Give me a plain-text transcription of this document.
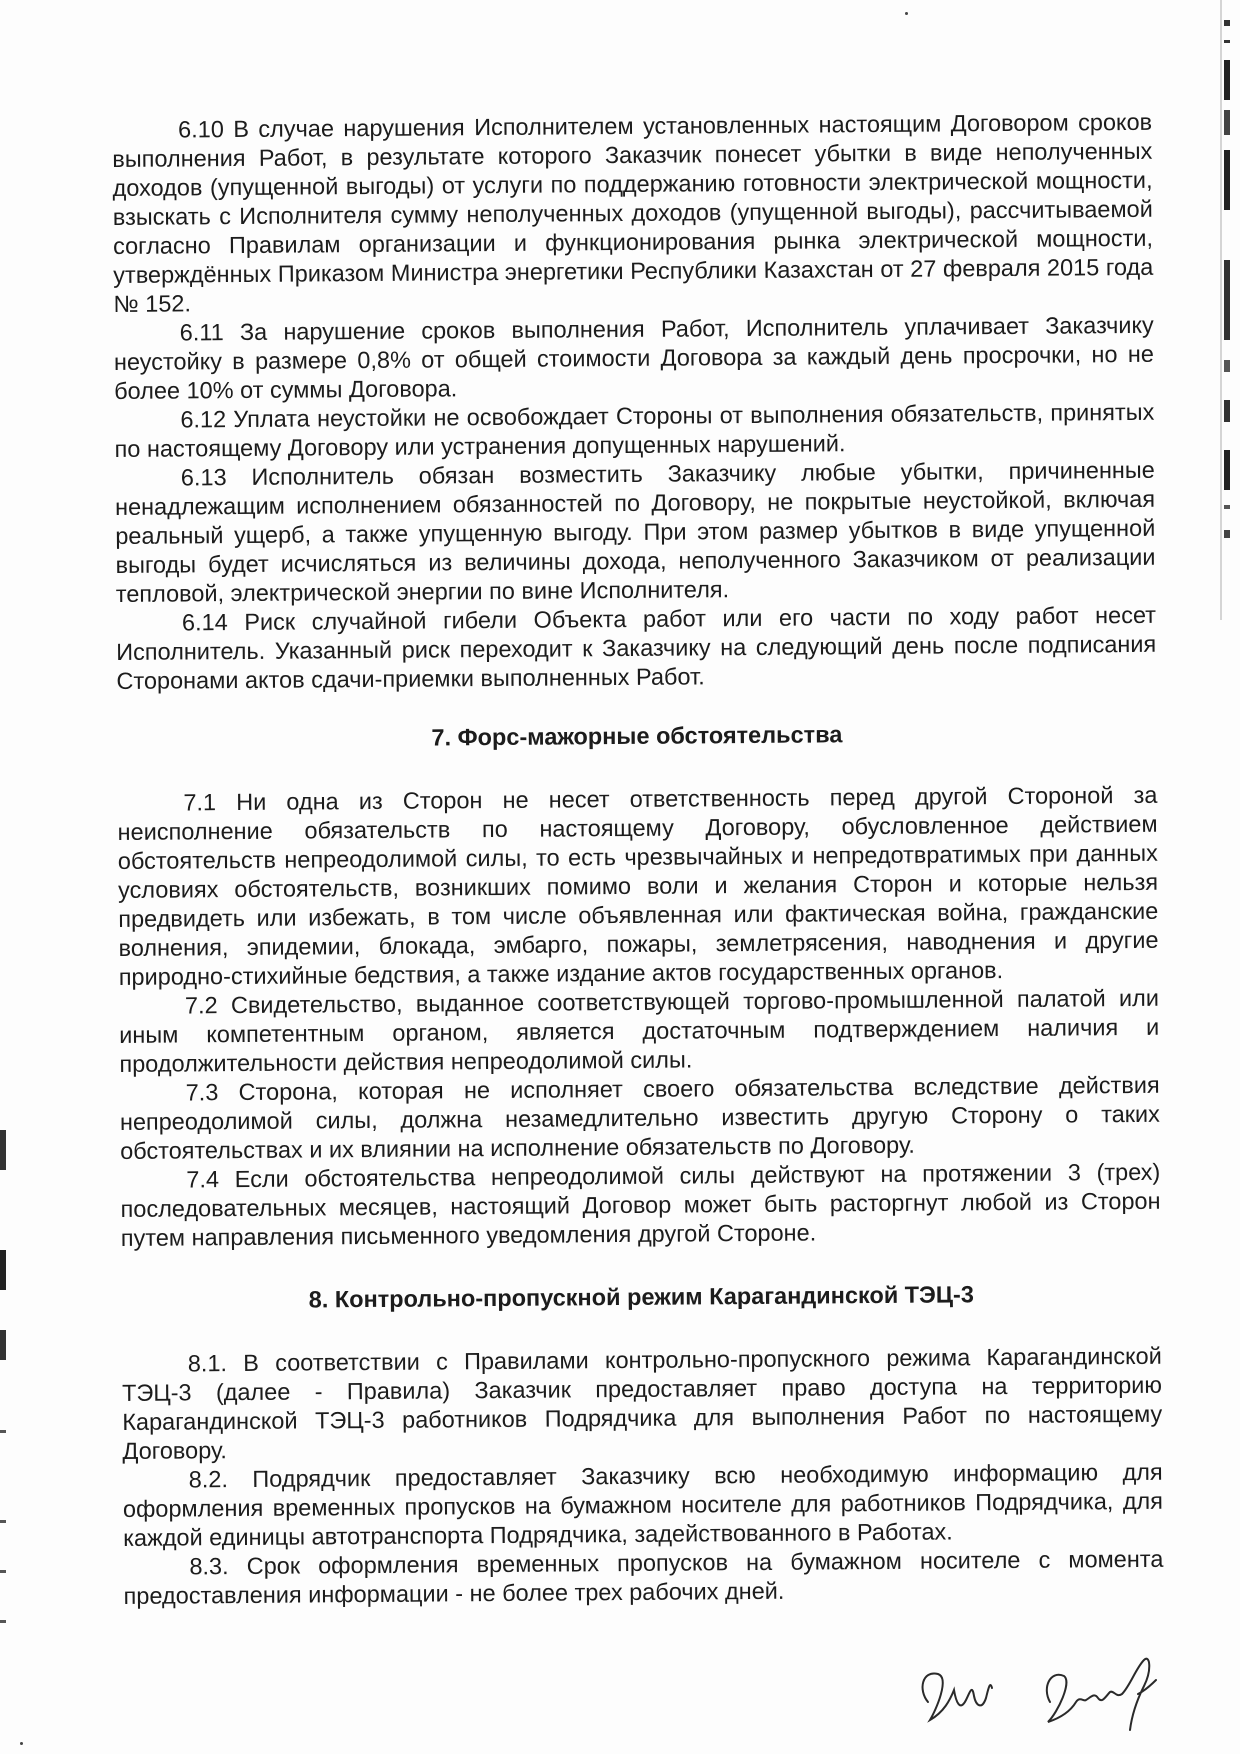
6.10 В случае нарушения Исполнителем установленных настоящим Договором сроков выполнения Работ, в результате которого Заказчик понесет убытки в виде неполученных доходов (упущенной выгоды) от услуги по поддержанию готовности электрической мощности, взыскать с Исполнителя сумму неполученных доходов (упущенной выгоды), рассчитываемой согласно Правилам организации и функционирования рынка электрической мощности, утверждённых Приказом Министра энергетики Республики Казахстан от 27 февраля 2015 года № 152.

6.11 За нарушение сроков выполнения Работ, Исполнитель уплачивает Заказчику неустойку в размере 0,8% от общей стоимости Договора за каждый день просрочки, но не более 10% от суммы Договора.

6.12 Уплата неустойки не освобождает Стороны от выполнения обязательств, принятых по настоящему Договору или устранения допущенных нарушений.

6.13 Исполнитель обязан возместить Заказчику любые убытки, причиненные ненадлежащим исполнением обязанностей по Договору, не покрытые неустойкой, включая реальный ущерб, а также упущенную выгоду. При этом размер убытков в виде упущенной выгоды будет исчисляться из величины дохода, неполученного Заказчиком от реализации тепловой, электрической энергии по вине Исполнителя.

6.14 Риск случайной гибели Объекта работ или его части по ходу работ несет Исполнитель. Указанный риск переходит к Заказчику на следующий день после подписания Сторонами актов сдачи-приемки выполненных Работ.

7. Форс-мажорные обстоятельства

7.1 Ни одна из Сторон не несет ответственность перед другой Стороной за неисполнение обязательств по настоящему Договору, обусловленное действием обстоятельств непреодолимой силы, то есть чрезвычайных и непредотвратимых при данных условиях обстоятельств, возникших помимо воли и желания Сторон и которые нельзя предвидеть или избежать, в том числе объявленная или фактическая война, гражданские волнения, эпидемии, блокада, эмбарго, пожары, землетрясения, наводнения и другие природно-стихийные бедствия, а также издание актов государственных органов.

7.2 Свидетельство, выданное соответствующей торгово-промышленной палатой или иным компетентным органом, является достаточным подтверждением наличия и продолжительности действия непреодолимой силы.

7.3 Сторона, которая не исполняет своего обязательства вследствие действия непреодолимой силы, должна незамедлительно известить другую Сторону о таких обстоятельствах и их влиянии на исполнение обязательств по Договору.

7.4 Если обстоятельства непреодолимой силы действуют на протяжении 3 (трех) последовательных месяцев, настоящий Договор может быть расторгнут любой из Сторон путем направления письменного уведомления другой Стороне.

8. Контрольно-пропускной режим Карагандинской ТЭЦ-3

8.1. В соответствии с Правилами контрольно-пропускного режима Карагандинской ТЭЦ-3 (далее - Правила) Заказчик предоставляет право доступа на территорию Карагандинской ТЭЦ-3 работников Подрядчика для выполнения Работ по настоящему Договору.

8.2. Подрядчик предоставляет Заказчику всю необходимую информацию для оформления временных пропусков на бумажном носителе для работников Подрядчика, для каждой единицы автотранспорта Подрядчика, задействованного в Работах.

8.3. Срок оформления временных пропусков на бумажном носителе с момента предоставления информации - не более трех рабочих дней.
